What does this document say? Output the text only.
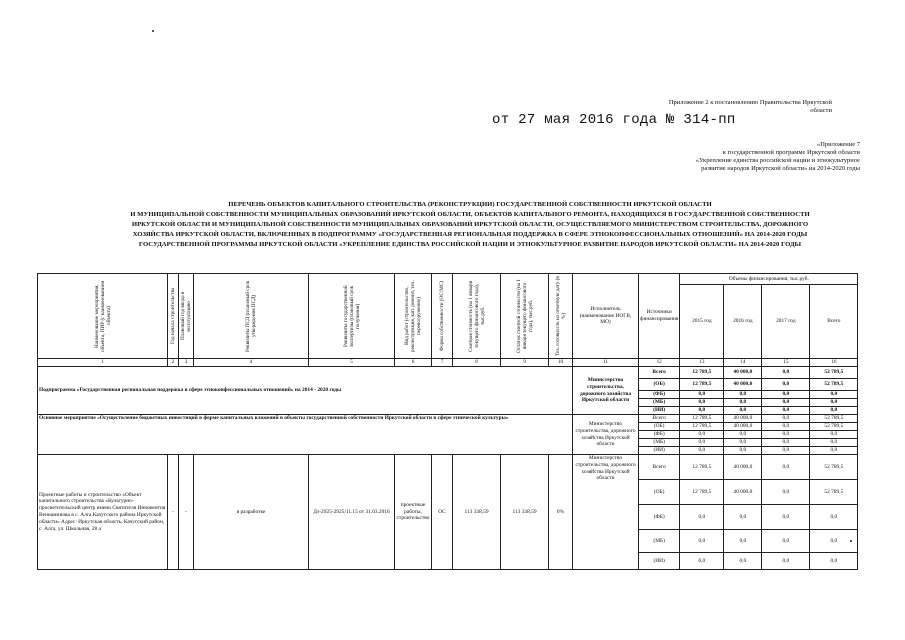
Приложение 2 к постановлению Правительства Иркутской
области
от 27 мая 2016 года № 314-пп
«Приложение 7
к государственной программе Иркутской области
«Укрепление единства российской нации и этнокультурное
развитие народов Иркутской области» на 2014-2020 годы
ПЕРЕЧЕНЬ ОБЪЕКТОВ КАПИТАЛЬНОГО СТРОИТЕЛЬСТВА (РЕКОНСТРУКЦИИ) ГОСУДАРСТВЕННОЙ СОБСТВЕННОСТИ ИРКУТСКОЙ ОБЛАСТИ
И МУНИЦИПАЛЬНОЙ СОБСТВЕННОСТИ МУНИЦИПАЛЬНЫХ ОБРАЗОВАНИЙ ИРКУТСКОЙ ОБЛАСТИ, ОБЪЕКТОВ КАПИТАЛЬНОГО РЕМОНТА, НАХОДЯЩИХСЯ В ГОСУДАРСТВЕННОЙ СОБСТВЕННОСТИ
ИРКУТСКОЙ ОБЛАСТИ И МУНИЦИПАЛЬНОЙ СОБСТВЕННОСТИ МУНИЦИПАЛЬНЫХ ОБРАЗОВАНИЙ ИРКУТСКОЙ ОБЛАСТИ, ОСУЩЕСТВЛЯЕМОГО МИНИСТЕРСТВОМ СТРОИТЕЛЬСТВА, ДОРОЖНОГО
ХОЗЯЙСТВА ИРКУТСКОЙ ОБЛАСТИ, ВКЛЮЧЕННЫХ В ПОДПРОГРАММУ «ГОСУДАРСТВЕННАЯ РЕГИОНАЛЬНАЯ ПОДДЕРЖКА В СФЕРЕ ЭТНОКОНФЕССИОНАЛЬНЫХ ОТНОШЕНИЙ» НА 2014-2020 ГОДЫ
ГОСУДАРСТВЕННОЙ ПРОГРАММЫ ИРКУТСКОЙ ОБЛАСТИ «УКРЕПЛЕНИЕ ЕДИНСТВА РОССИЙСКОЙ НАЦИИ И ЭТНОКУЛЬТУРНОЕ РАЗВИТИЕ НАРОДОВ ИРКУТСКОЙ ОБЛАСТИ» НА 2014-2020 ГОДЫ
Наименование мероприятия, объекта, ПИР (с наименованием объекта)	Год начала строительства	Плановый год ввода в эксплуатацию	Реквизиты ПСД (плановый срок утверждения ПСД)	Реквизиты государственной экспертизы (плановый срок получения)	Вид работ (строительство, реконструкция, кап. ремонт, тех. перевооружение)	Форма собственности (ОС/МС)	Сметная стоимость (на 1 января текущего финансового года), тыс.руб.	Остаток сметной стоимости (на 1 января текущего финансового года), тыс.руб.	Тех. готовность на отчетную дату (в %)	Исполнитель (наименование ИОГВ, МО)	Источники финансирования	Объемы финансирования, тыс.руб.			
												2015 год	2016 год	2017 год	Всего
1	2	3	4	5	6	7	8	9	10	11	12	13	14	15	16
Подпрограмма «Государственная региональная поддержка в сфере этноконфессиональных отношений» на 2014 - 2020 годы										Министерство строительства, дорожного хозяйства Иркутской области	Всего	12 789,5	40 000,0	0,0	52 789,5
											(ОБ)	12 789,5	40 000,0	0,0	52 789,5
											(ФБ)	0,0	0,0	0,0	0,0
											(МБ)	0,0	0,0	0,0	0,0
											(ИИ)	0,0	0,0	0,0	0,0
Основное мероприятие «Осуществление бюджетных инвестиций в форме капитальных вложений в объекты государственной собственности Иркутской области в сфере этнической культуры»										Министерство строительства, дорожного хозяйства Иркутской области	Всего	12 789,5	40 000,0	0,0	52 789,5
											(ОБ)	12 789,5	40 000,0	0,0	52 789,5
											(ФБ)	0,0	0,0	0,0	0,0
											(МБ)	0,0	0,0	0,0	0,0
											(ИИ)	0,0	0,0	0,0	0,0
Проектные работы и строительство «Объект капитального строительства «Культурно-просветительский центр имени Святителя Иннокентия Вениаминова в с. Алга Качугского района Иркутской области» Адрес: Иркутская область, Качугский район, с. Алга, ул. Школьная, 28 а	-	-	в разработке	Дз-2925-2925/11.15 от 31.03.2016	проектные работы, строительство	ОС	113 338,59	113 338,59	0%	Министерство строительства, дорожного хозяйства Иркутской области	Всего	12 789,5	40 000,0	0,0	52 789,5
											(ОБ)	12 789,5	40 000,0	0,0	52 789,5
											(ФБ)	0,0	0,0	0,0	0,0
											(МБ)	0,0	0,0	0,0	0,0
											(ИИ)	0,0	0,0	0,0	0,0
